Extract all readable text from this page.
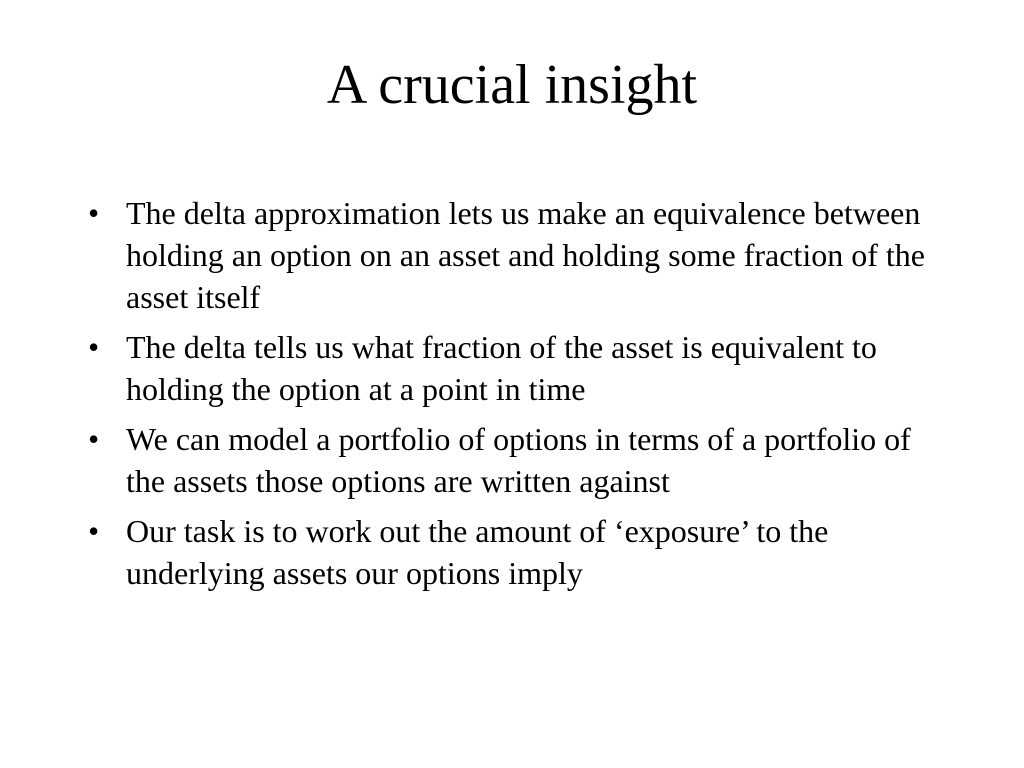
A crucial insight
• The delta approximation lets us make an equivalence between holding an option on an asset and holding some fraction of the asset itself
• The delta tells us what fraction of the asset is equivalent to holding the option at a point in time
• We can model a portfolio of options in terms of a portfolio of the assets those options are written against
• Our task is to work out the amount of ‘exposure’ to the underlying assets our options imply
